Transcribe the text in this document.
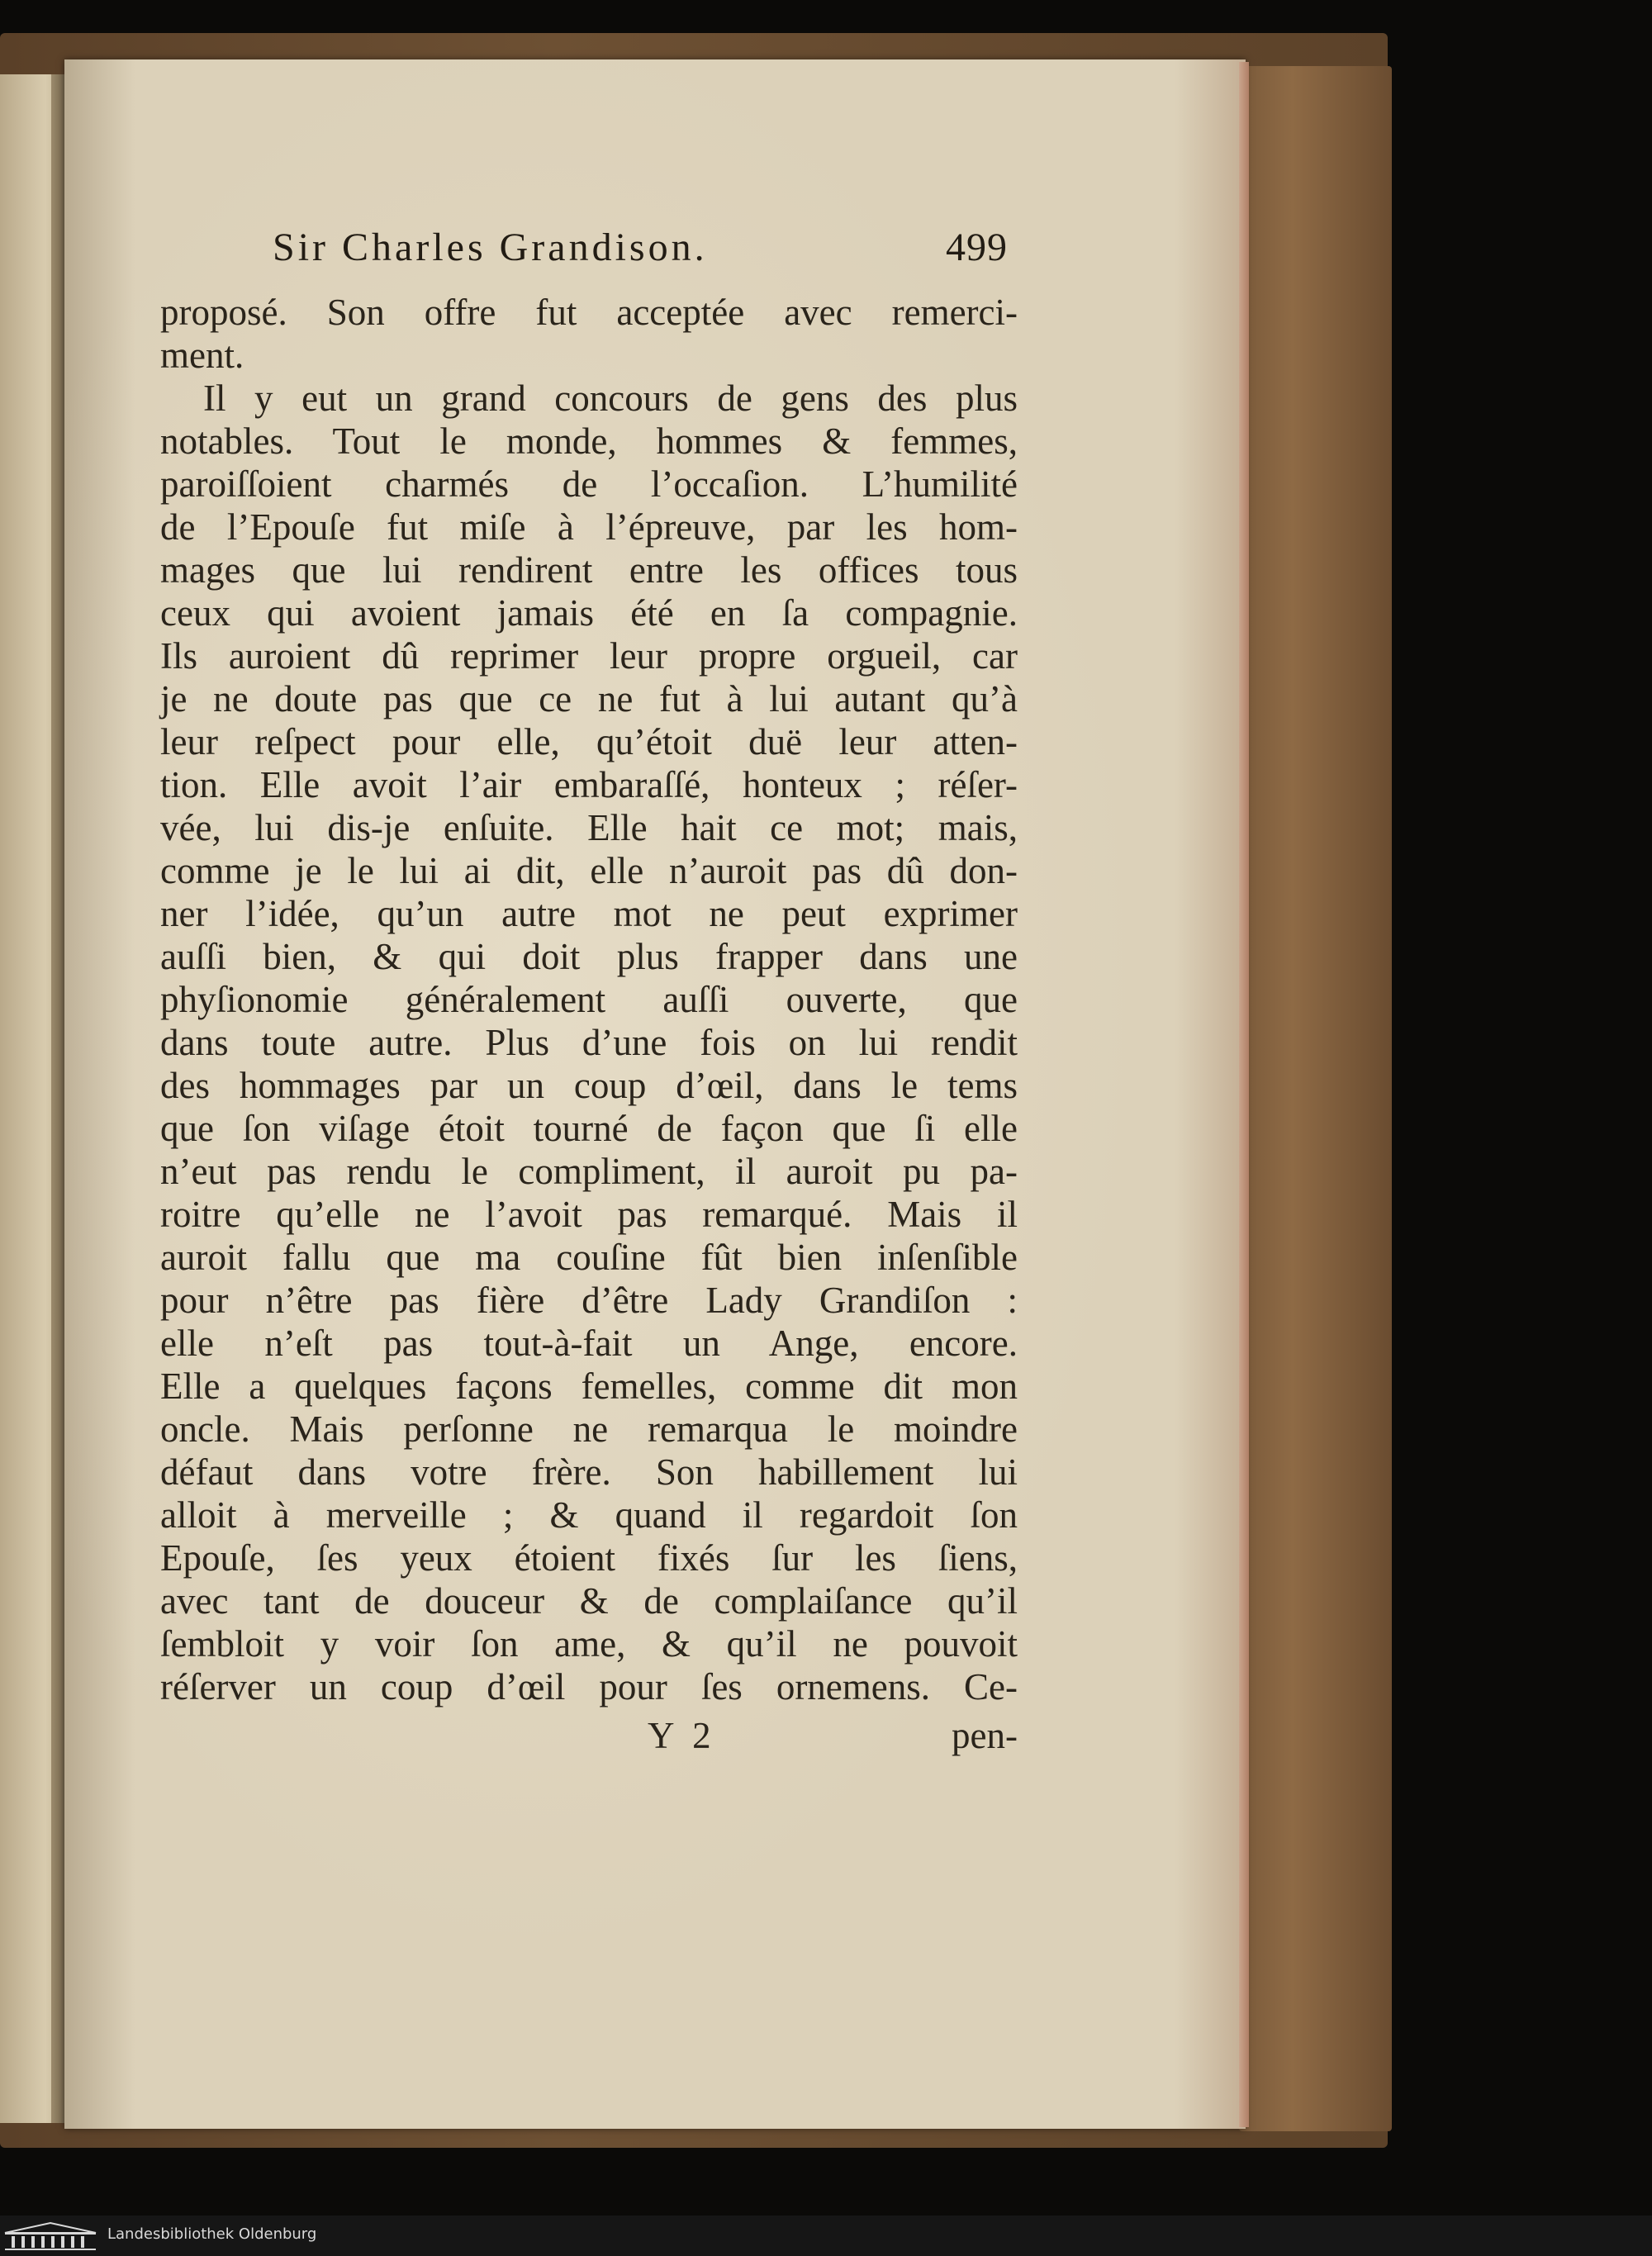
Sir Charles Grandison.	499
proposé. Son offre fut acceptée avec remerci-
ment.
Il y eut un grand concours de gens des plus
notables. Tout le monde, hommes & femmes,
paroiſſoient charmés de l’occaſion. L’humilité
de l’Epouſe fut miſe à l’épreuve, par les hom-
mages que lui rendirent entre les offices tous
ceux qui avoient jamais été en ſa compagnie.
Ils auroient dû reprimer leur propre orgueil, car
je ne doute pas que ce ne fut à lui autant qu’à
leur reſpect pour elle, qu’étoit duë leur atten-
tion. Elle avoit l’air embaraſſé, honteux ; réſer-
vée, lui dis-je enſuite. Elle hait ce mot; mais,
comme je le lui ai dit, elle n’auroit pas dû don-
ner l’idée, qu’un autre mot ne peut exprimer
auſſi bien, & qui doit plus frapper dans une
phyſionomie généralement auſſi ouverte, que
dans toute autre. Plus d’une fois on lui rendit
des hommages par un coup d’œil, dans le tems
que ſon viſage étoit tourné de façon que ſi elle
n’eut pas rendu le compliment, il auroit pu pa-
roitre qu’elle ne l’avoit pas remarqué. Mais il
auroit fallu que ma couſine fût bien inſenſible
pour n’être pas fière d’être Lady Grandiſon :
elle n’eſt pas tout-à-fait un Ange, encore.
Elle a quelques façons femelles, comme dit mon
oncle. Mais perſonne ne remarqua le moindre
défaut dans votre frère. Son habillement lui
alloit à merveille ; & quand il regardoit ſon
Epouſe, ſes yeux étoient fixés ſur les ſiens,
avec tant de douceur & de complaiſance qu’il
ſembloit y voir ſon ame, & qu’il ne pouvoit
réſerver un coup d’œil pour ſes ornemens. Ce-
Y 2	pen-
Landesbibliothek Oldenburg
